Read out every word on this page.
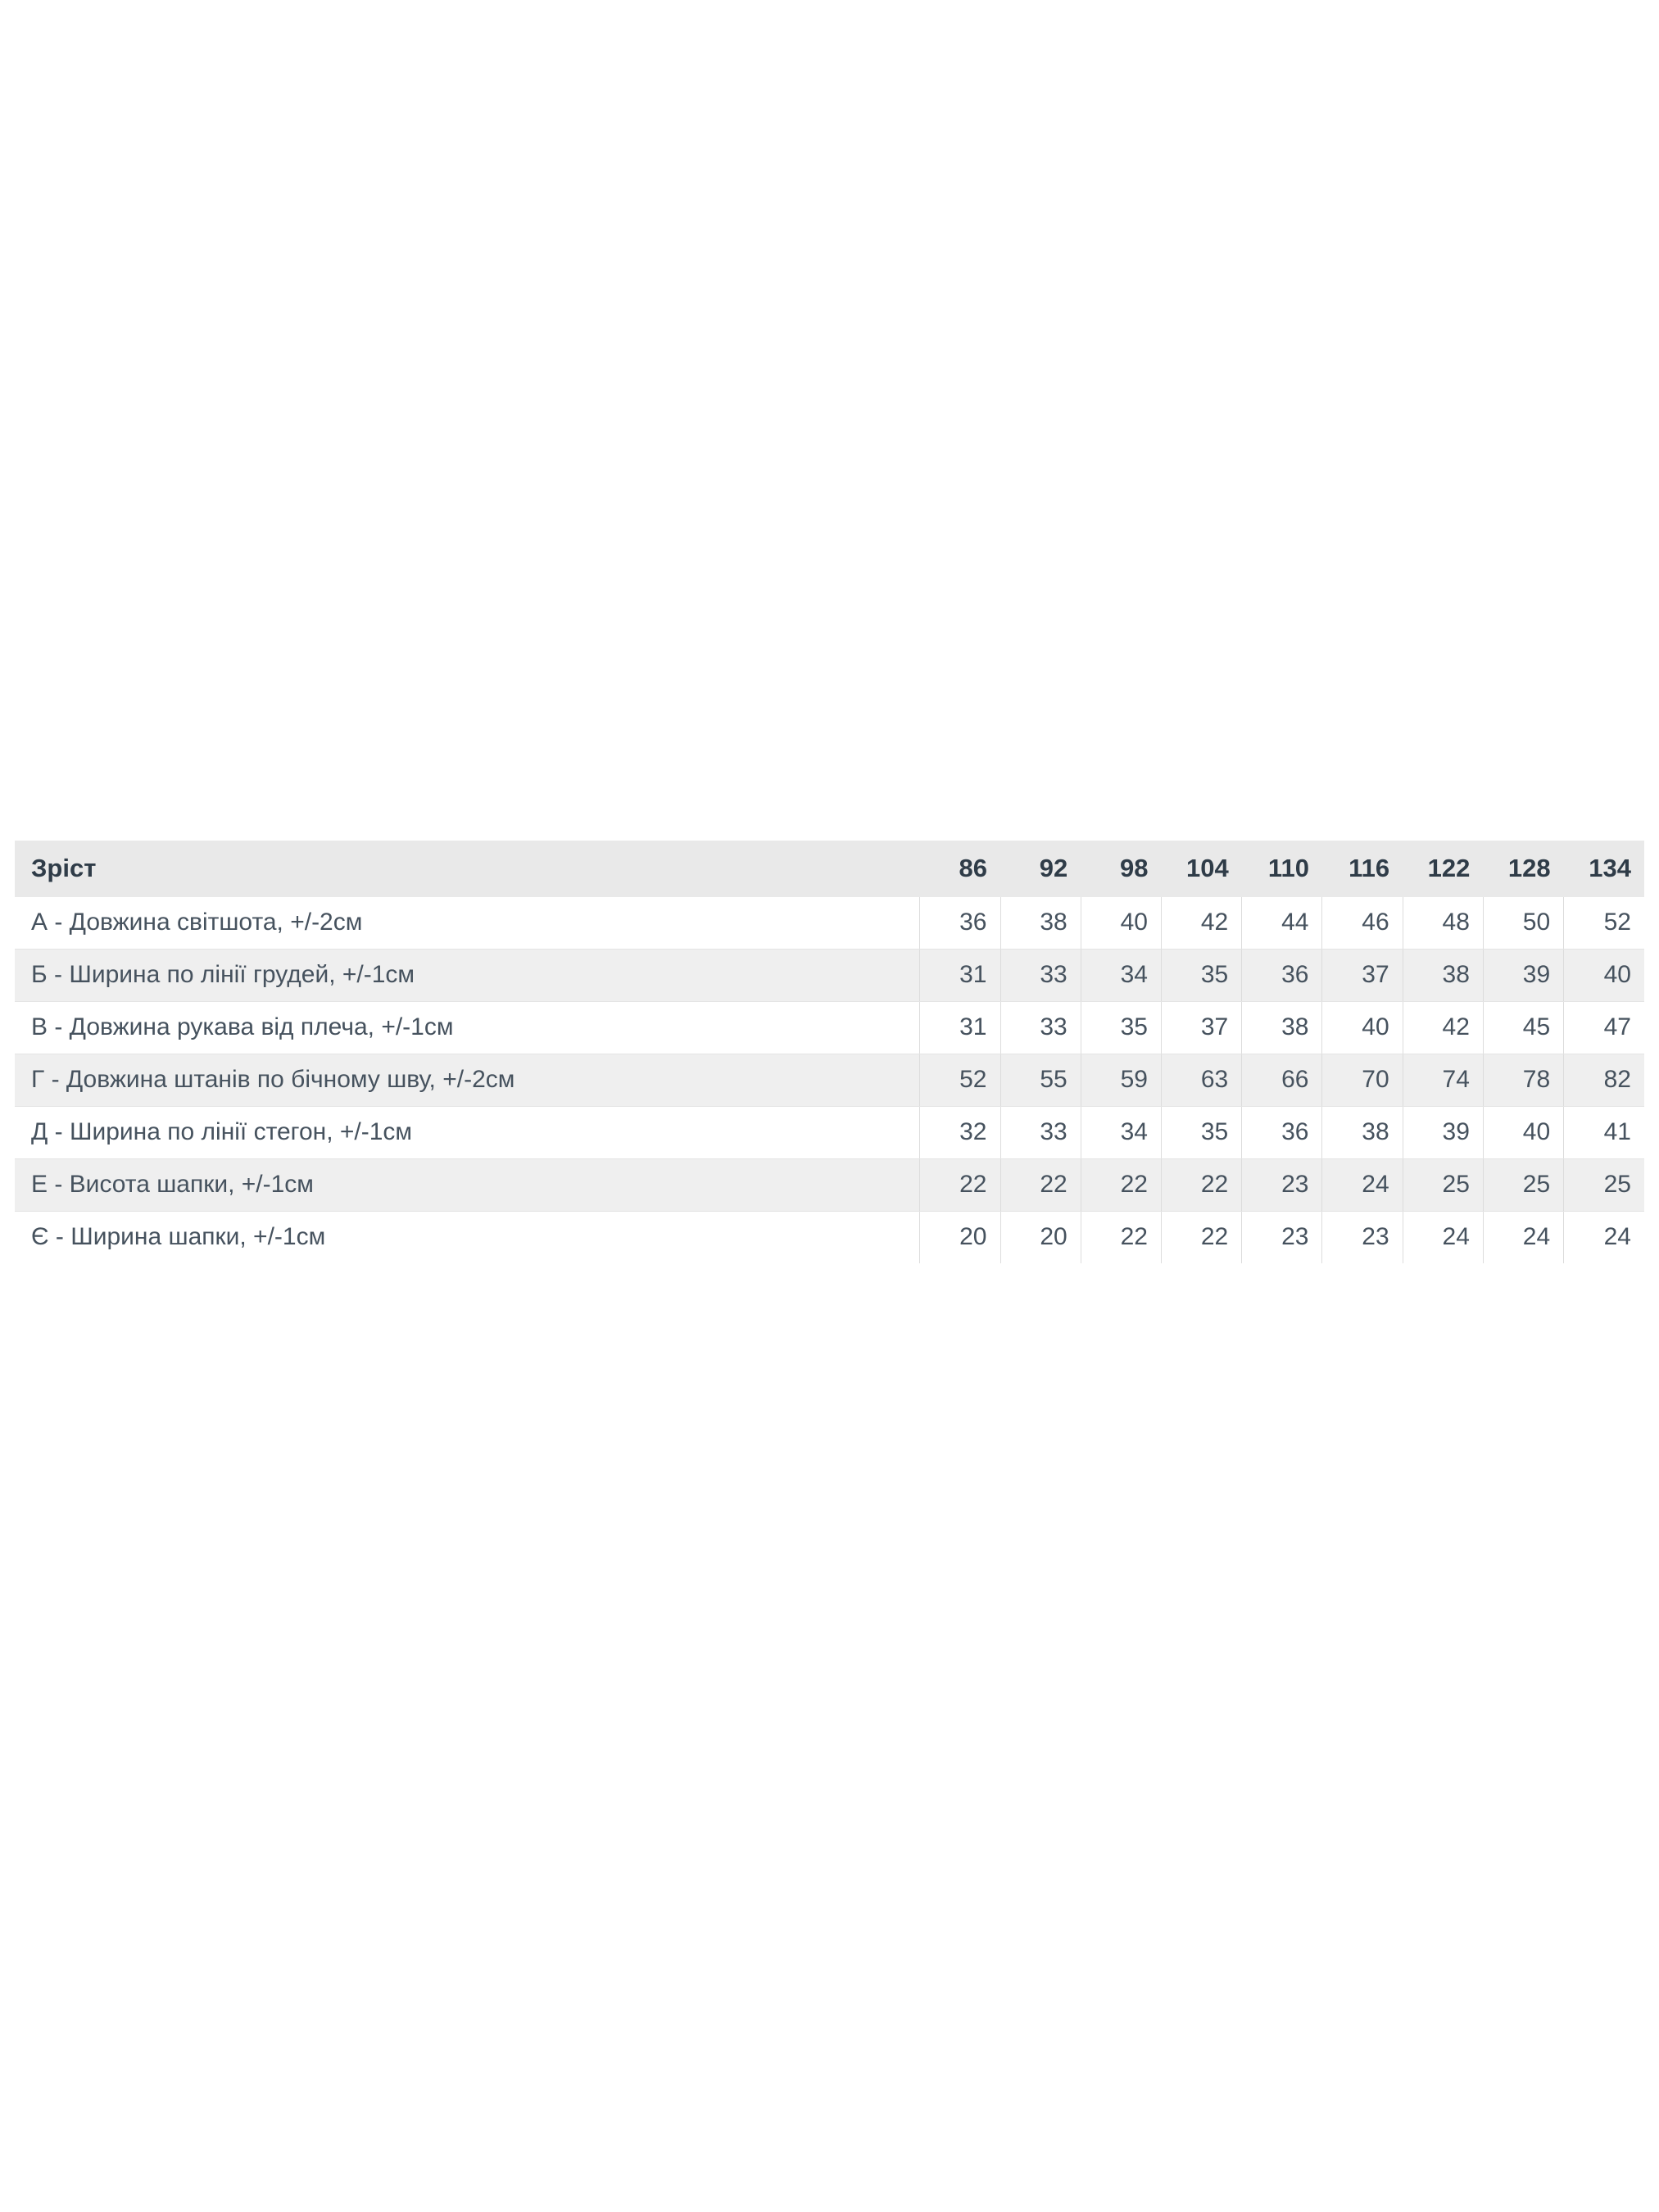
Зріст	86	92	98	104	110	116	122	128	134
А - Довжина світшота, +/-2см	36	38	40	42	44	46	48	50	52
Б - Ширина по лінії грудей, +/-1см	31	33	34	35	36	37	38	39	40
В - Довжина рукава від плеча, +/-1см	31	33	35	37	38	40	42	45	47
Г - Довжина штанів по бічному шву, +/-2см	52	55	59	63	66	70	74	78	82
Д - Ширина по лінії стегон, +/-1см	32	33	34	35	36	38	39	40	41
Е - Висота шапки, +/-1см	22	22	22	22	23	24	25	25	25
Є - Ширина шапки, +/-1см	20	20	22	22	23	23	24	24	24
